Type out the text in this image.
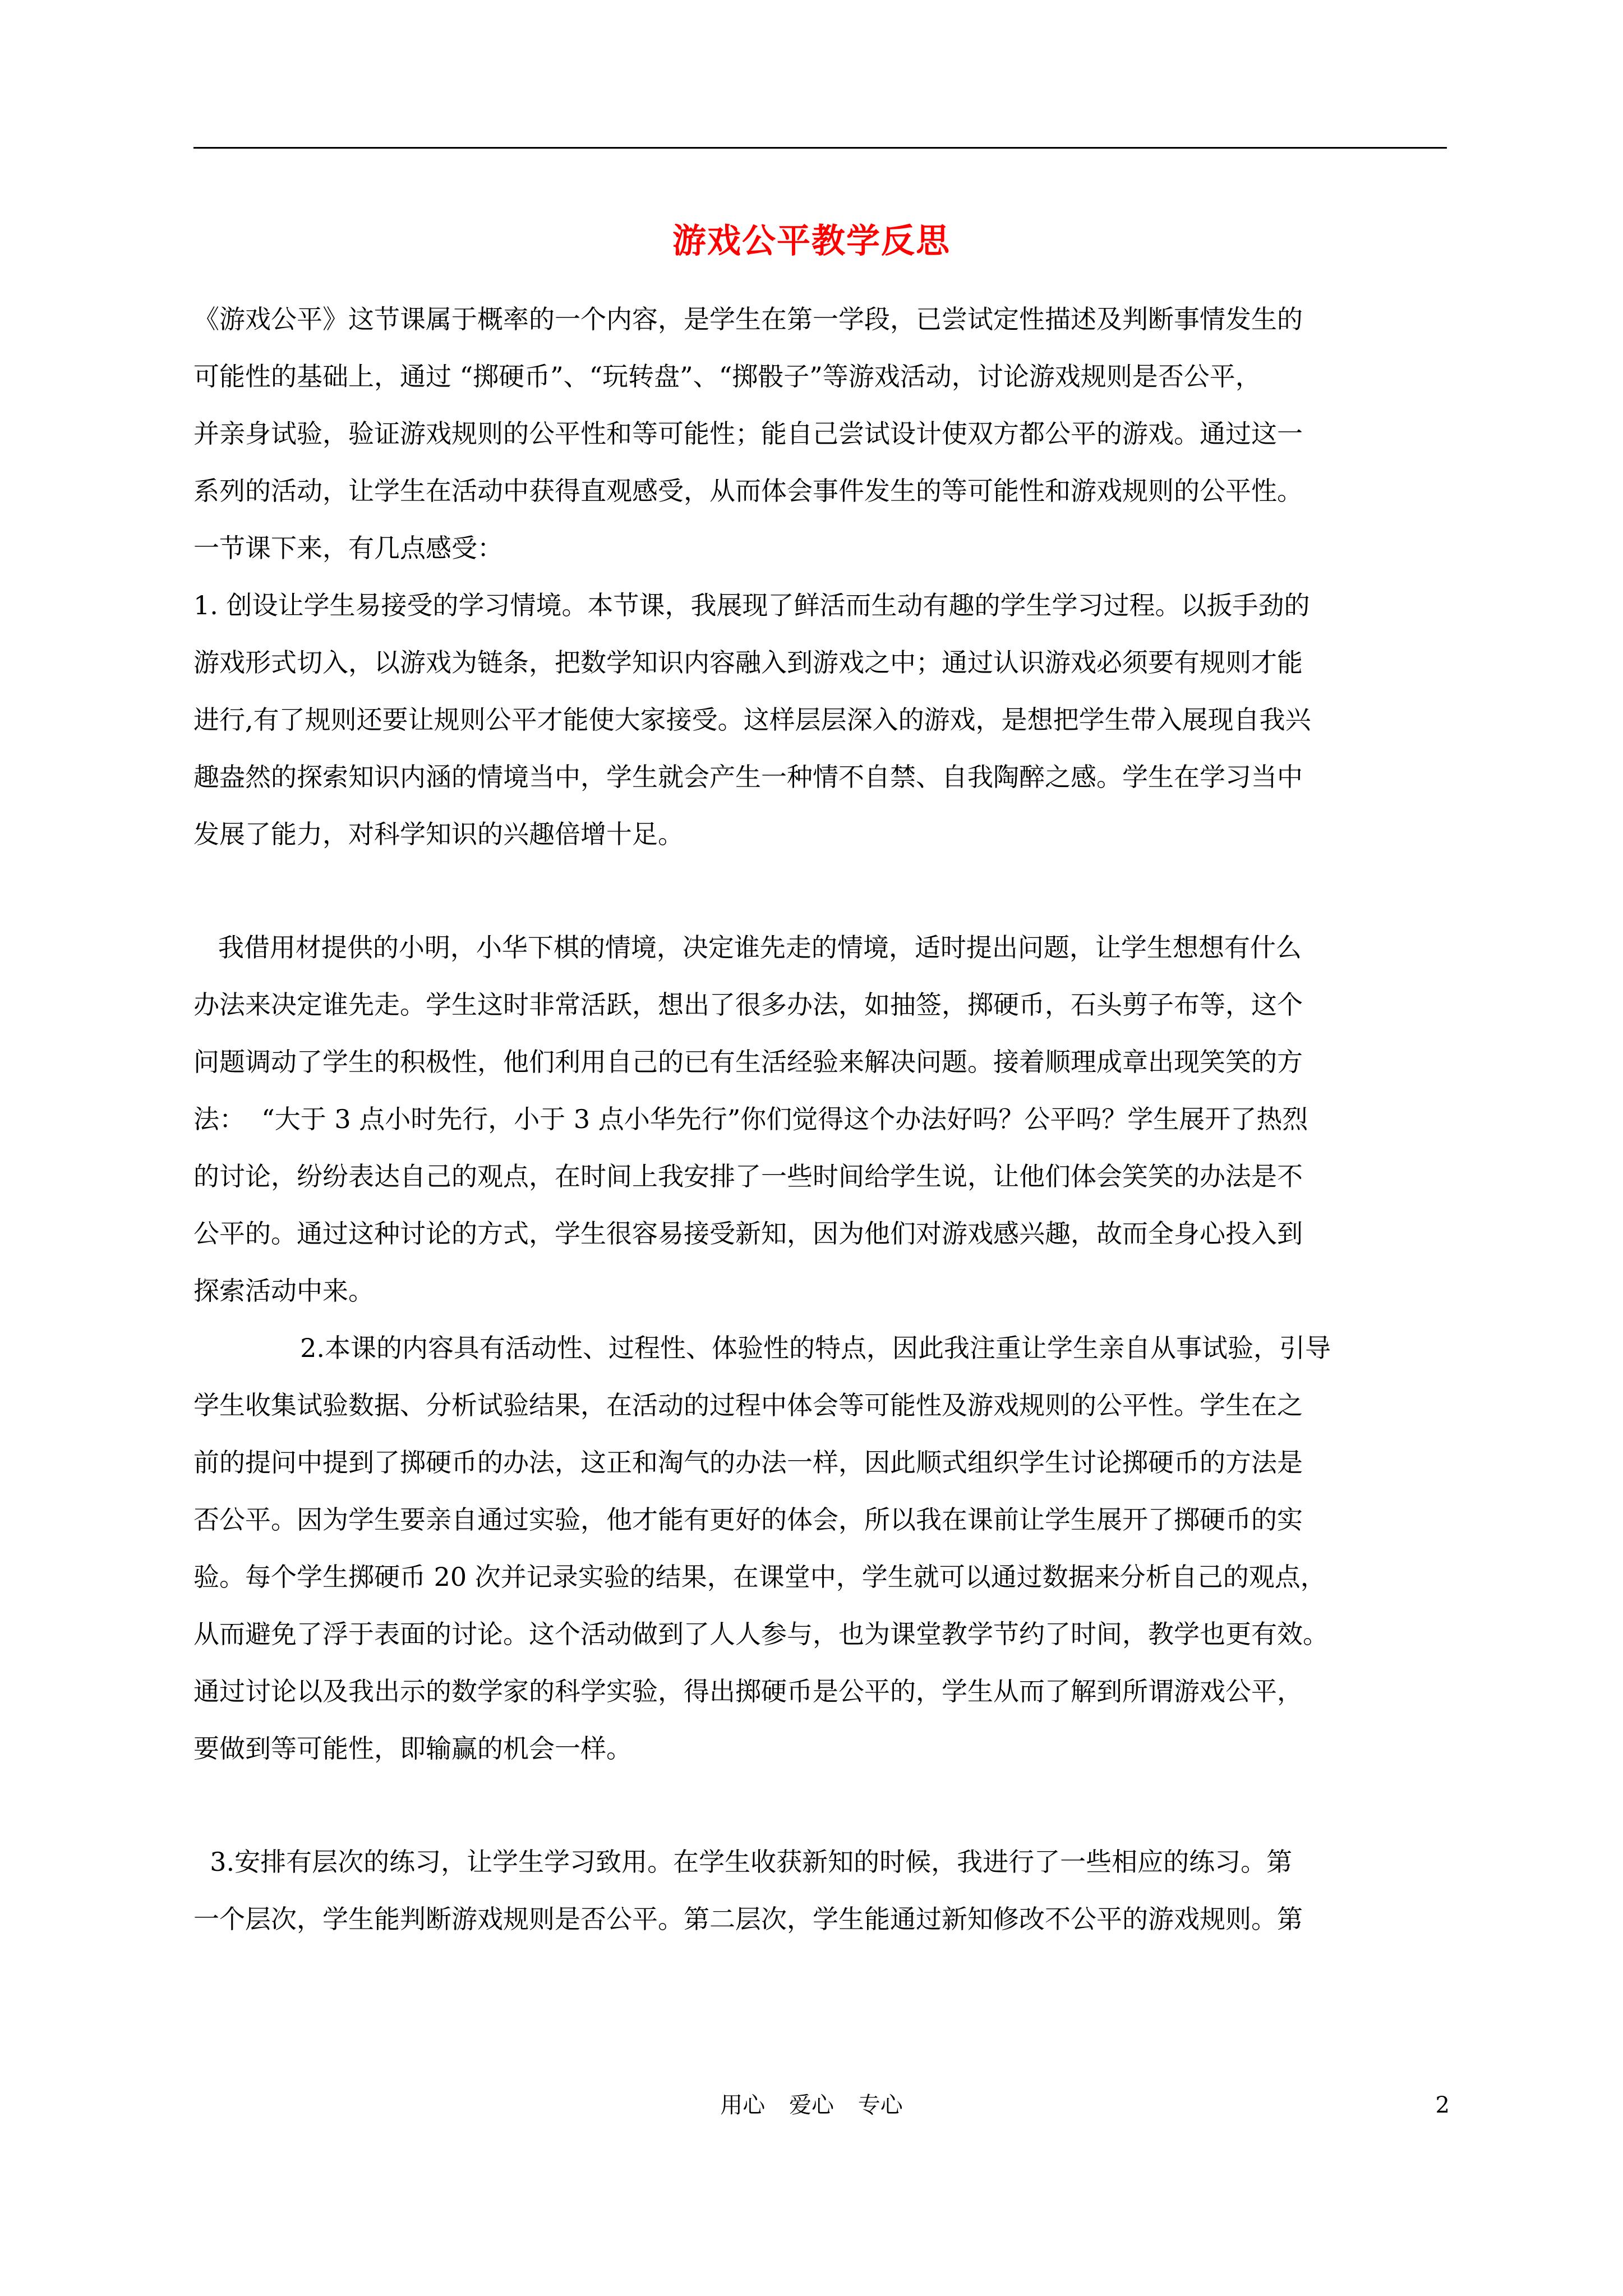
游戏公平教学反思
《游戏公平》这节课属于概率的一个内容，是学生在第一学段，已尝试定性描述及判断事情发生的
可能性的基础上，通过 “掷硬币”、“玩转盘”、“掷骰子”等游戏活动，讨论游戏规则是否公平，
并亲身试验，验证游戏规则的公平性和等可能性；能自己尝试设计使双方都公平的游戏。通过这一
系列的活动，让学生在活动中获得直观感受，从而体会事件发生的等可能性和游戏规则的公平性。
一节课下来，有几点感受：
1. 创设让学生易接受的学习情境。本节课，我展现了鲜活而生动有趣的学生学习过程。以扳手劲的
游戏形式切入，以游戏为链条，把数学知识内容融入到游戏之中；通过认识游戏必须要有规则才能
进行,有了规则还要让规则公平才能使大家接受。这样层层深入的游戏，是想把学生带入展现自我兴
趣盎然的探索知识内涵的情境当中，学生就会产生一种情不自禁、自我陶醉之感。学生在学习当中
发展了能力，对科学知识的兴趣倍增十足。
我借用材提供的小明，小华下棋的情境，决定谁先走的情境，适时提出问题，让学生想想有什么
办法来决定谁先走。学生这时非常活跃，想出了很多办法，如抽签，掷硬币，石头剪子布等，这个
问题调动了学生的积极性，他们利用自己的已有生活经验来解决问题。接着顺理成章出现笑笑的方
法：  “大于 3 点小时先行，小于 3 点小华先行”你们觉得这个办法好吗？公平吗？学生展开了热烈
的讨论，纷纷表达自己的观点，在时间上我安排了一些时间给学生说，让他们体会笑笑的办法是不
公平的。通过这种讨论的方式，学生很容易接受新知，因为他们对游戏感兴趣，故而全身心投入到
探索活动中来。
2.本课的内容具有活动性、过程性、体验性的特点，因此我注重让学生亲自从事试验，引导
学生收集试验数据、分析试验结果，在活动的过程中体会等可能性及游戏规则的公平性。学生在之
前的提问中提到了掷硬币的办法，这正和淘气的办法一样，因此顺式组织学生讨论掷硬币的方法是
否公平。因为学生要亲自通过实验，他才能有更好的体会，所以我在课前让学生展开了掷硬币的实
验。每个学生掷硬币 20 次并记录实验的结果，在课堂中，学生就可以通过数据来分析自己的观点，
从而避免了浮于表面的讨论。这个活动做到了人人参与，也为课堂教学节约了时间，教学也更有效。
通过讨论以及我出示的数学家的科学实验，得出掷硬币是公平的，学生从而了解到所谓游戏公平，
要做到等可能性，即输赢的机会一样。
3.安排有层次的练习，让学生学习致用。在学生收获新知的时候，我进行了一些相应的练习。第
一个层次，学生能判断游戏规则是否公平。第二层次，学生能通过新知修改不公平的游戏规则。第
用心 爱心 专心	2
